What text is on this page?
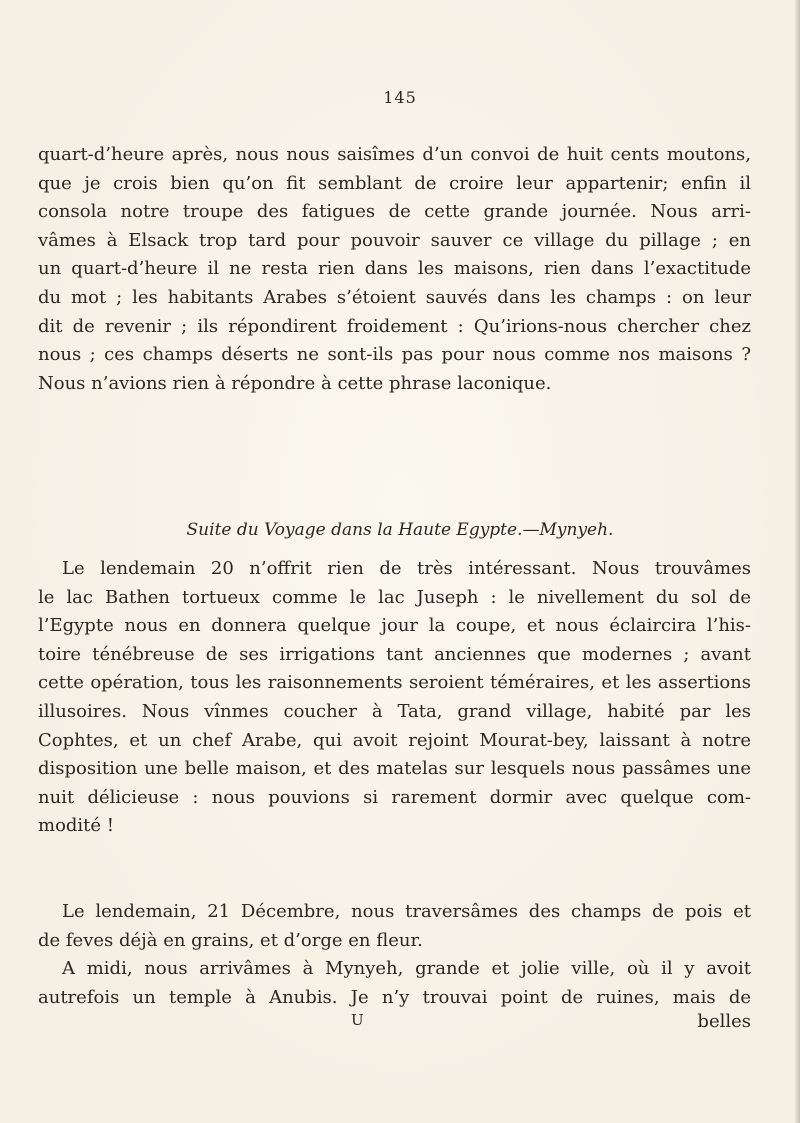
145
quart-d’heure après, nous nous saisîmes d’un convoi de huit cents moutons,
que je crois bien qu’on fit semblant de croire leur appartenir; enfin il
consola notre troupe des fatigues de cette grande journée. Nous arri-
vâmes à Elsack trop tard pour pouvoir sauver ce village du pillage ; en
un quart-d’heure il ne resta rien dans les maisons, rien dans l’exactitude
du mot ; les habitants Arabes s’étoient sauvés dans les champs : on leur
dit de revenir ; ils répondirent froidement : Qu’irions-nous chercher chez
nous ; ces champs déserts ne sont-ils pas pour nous comme nos maisons ?
Nous n’avions rien à répondre à cette phrase laconique.
Suite du Voyage dans la Haute Egypte.—Mynyeh.
Le lendemain 20 n’offrit rien de très intéressant. Nous trouvâmes
le lac Bathen tortueux comme le lac Juseph : le nivellement du sol de
l’Egypte nous en donnera quelque jour la coupe, et nous éclaircira l’his-
toire ténébreuse de ses irrigations tant anciennes que modernes ; avant
cette opération, tous les raisonnements seroient téméraires, et les assertions
illusoires. Nous vînmes coucher à Tata, grand village, habité par les
Cophtes, et un chef Arabe, qui avoit rejoint Mourat-bey, laissant à notre
disposition une belle maison, et des matelas sur lesquels nous passâmes une
nuit délicieuse : nous pouvions si rarement dormir avec quelque com-
modité !
Le lendemain, 21 Décembre, nous traversâmes des champs de pois et
de feves déjà en grains, et d’orge en fleur.
A midi, nous arrivâmes à Mynyeh, grande et jolie ville, où il y avoit
autrefois un temple à Anubis. Je n’y trouvai point de ruines, mais de
U	belles
